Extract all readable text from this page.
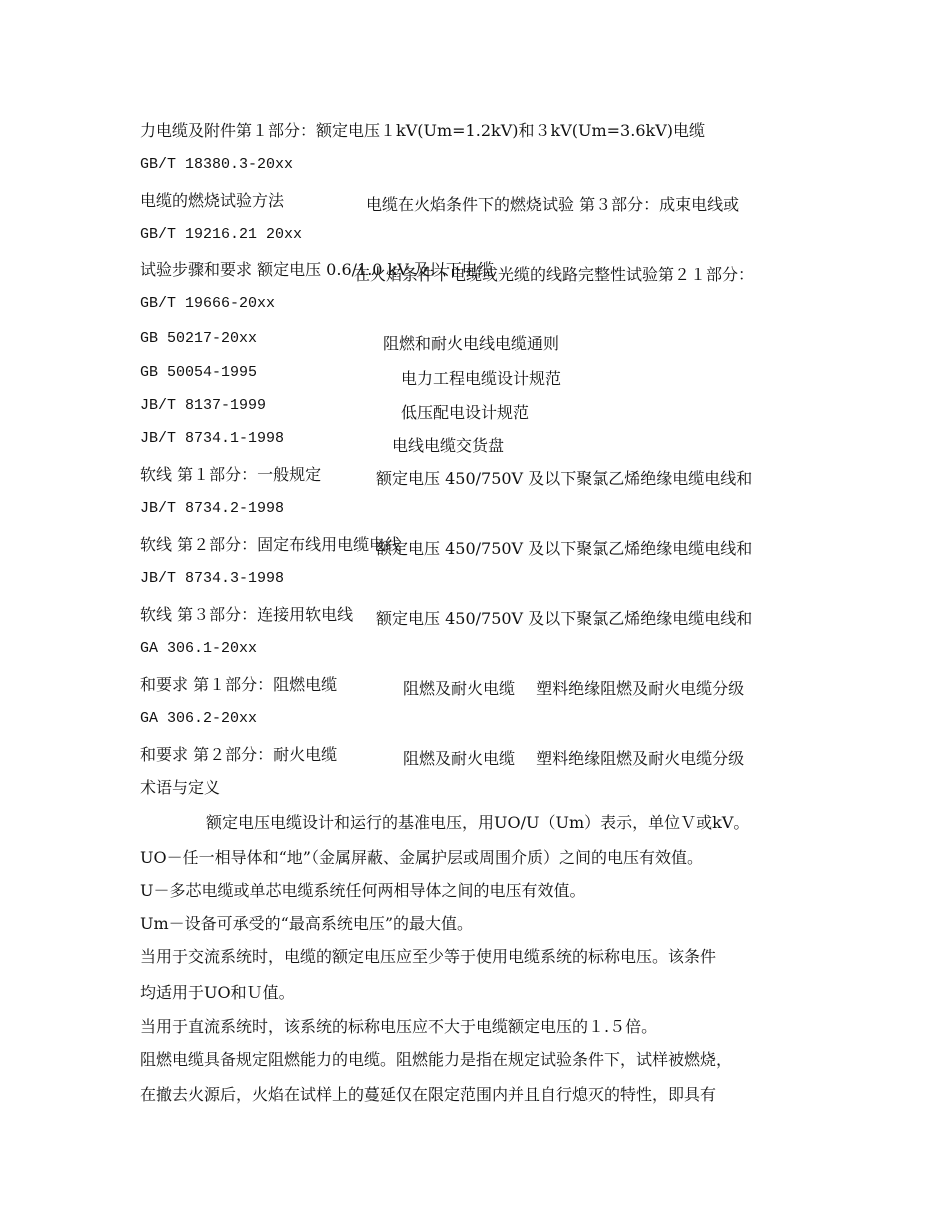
力电缆及附件第１部分：额定电压１kV(Um=1.2kV)和３kV(Um=3.6kV)电缆

GB/T 18380.3-20xx

电缆在火焰条件下的燃烧试验 第３部分：成束电线或

电缆的燃烧试验方法

GB/T 19216.21 20xx

在火焰条件下电缆或光缆的线路完整性试验第２１部分：

试验步骤和要求 额定电压 0.6/1.0 kV 及以下电缆

GB/T 19666-20xx

阻燃和耐火电线电缆通则

GB 50217-20xx

电力工程电缆设计规范

GB 50054-1995

低压配电设计规范

JB/T 8137-1999

电线电缆交货盘

JB/T 8734.1-1998

额定电压 450/750V 及以下聚氯乙烯绝缘电缆电线和

软线 第１部分：一般规定

JB/T 8734.2-1998

额定电压 450/750V 及以下聚氯乙烯绝缘电缆电线和

软线 第２部分：固定布线用电缆电线

JB/T 8734.3-1998

额定电压 450/750V 及以下聚氯乙烯绝缘电缆电线和

软线 第３部分：连接用软电线

GA 306.1-20xx

阻燃及耐火电缆　 塑料绝缘阻燃及耐火电缆分级

和要求 第１部分：阻燃电缆

GA 306.2-20xx

阻燃及耐火电缆　 塑料绝缘阻燃及耐火电缆分级

和要求 第２部分：耐火电缆
术语与定义
额定电压电缆设计和运行的基准电压，用UO/U（Um）表示，单位Ｖ或kV。
UO－任一相导体和“地”（金属屏蔽、金属护层或周围介质）之间的电压有效值。
U－多芯电缆或单芯电缆系统任何两相导体之间的电压有效值。
Um－设备可承受的“最高系统电压”的最大值。
当用于交流系统时，电缆的额定电压应至少等于使用电缆系统的标称电压。该条件
均适用于UO和Ｕ值。
当用于直流系统时，该系统的标称电压应不大于电缆额定电压的１.５倍。
阻燃电缆具备规定阻燃能力的电缆。阻燃能力是指在规定试验条件下，试样被燃烧，
在撤去火源后，火焰在试样上的蔓延仅在限定范围内并且自行熄灭的特性，即具有
